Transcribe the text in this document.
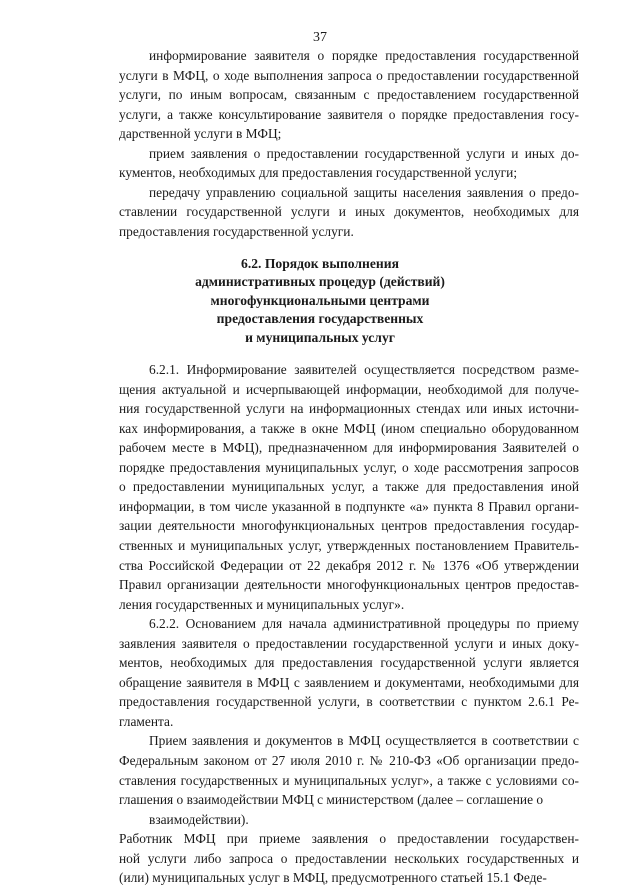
37
информирование заявителя о порядке предоставления государственной
услуги в МФЦ, о ходе выполнения запроса о предоставлении государственной
услуги, по иным вопросам, связанным с предоставлением государственной
услуги, а также консультирование заявителя о порядке предоставления госу-
дарственной услуги в МФЦ;
прием заявления о предоставлении государственной услуги и иных до-
кументов, необходимых для предоставления государственной услуги;
передачу управлению социальной защиты населения заявления о предо-
ставлении государственной услуги и иных документов, необходимых для
предоставления государственной услуги.
6.2. Порядок выполнения
административных процедур (действий)
многофункциональными центрами
предоставления государственных
и муниципальных услуг
6.2.1. Информирование заявителей осуществляется посредством разме-
щения актуальной и исчерпывающей информации, необходимой для получе-
ния государственной услуги на информационных стендах или иных источни-
ках информирования, а также в окне МФЦ (ином специально оборудованном
рабочем месте в МФЦ), предназначенном для информирования Заявителей о
порядке предоставления муниципальных услуг, о ходе рассмотрения запросов
о предоставлении муниципальных услуг, а также для предоставления иной
информации, в том числе указанной в подпункте «а» пункта 8 Правил органи-
зации деятельности многофункциональных центров предоставления государ-
ственных и муниципальных услуг, утвержденных постановлением Правитель-
ства Российской Федерации от 22 декабря 2012 г. № 1376 «Об утверждении
Правил организации деятельности многофункциональных центров предостав-
ления государственных и муниципальных услуг».
6.2.2. Основанием для начала административной процедуры по приему
заявления заявителя о предоставлении государственной услуги и иных доку-
ментов, необходимых для предоставления государственной услуги является
обращение заявителя в МФЦ с заявлением и документами, необходимыми для
предоставления государственной услуги, в соответствии с пунктом 2.6.1 Ре-
гламента.
Прием заявления и документов в МФЦ осуществляется в соответствии с
Федеральным законом от 27 июля 2010 г. № 210-ФЗ «Об организации предо-
ставления государственных и муниципальных услуг», а также с условиями со-
глашения о взаимодействии МФЦ с министерством (далее – соглашение о
взаимодействии).
Работник МФЦ при приеме заявления о предоставлении государствен-
ной услуги либо запроса о предоставлении нескольких государственных и
(или) муниципальных услуг в МФЦ, предусмотренного статьей 15.1 Феде-
